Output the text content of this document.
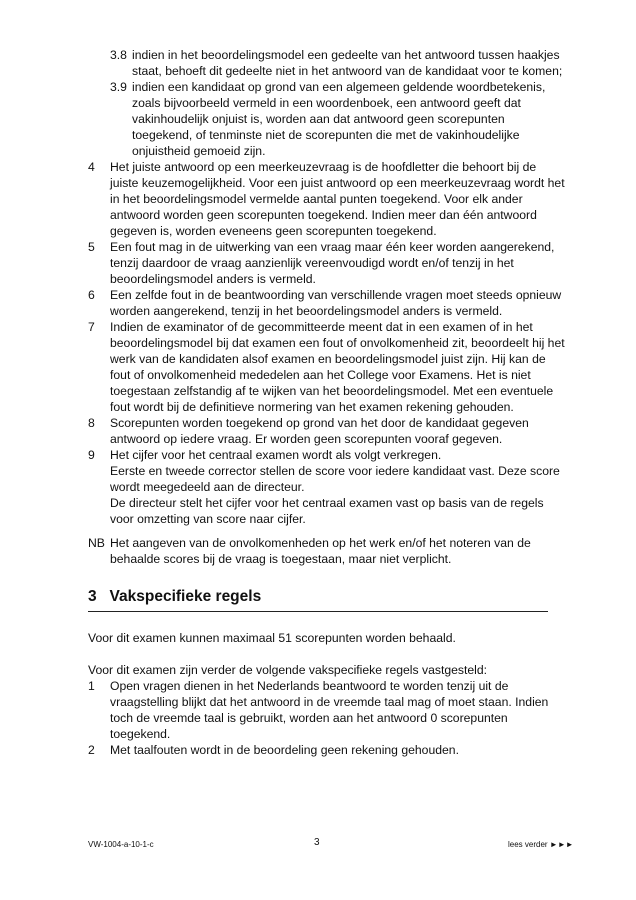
3.8 indien in het beoordelingsmodel een gedeelte van het antwoord tussen haakjes
staat, behoeft dit gedeelte niet in het antwoord van de kandidaat voor te komen;
3.9 indien een kandidaat op grond van een algemeen geldende woordbetekenis,
zoals bijvoorbeeld vermeld in een woordenboek, een antwoord geeft dat
vakinhoudelijk onjuist is, worden aan dat antwoord geen scorepunten
toegekend, of tenminste niet de scorepunten die met de vakinhoudelijke
onjuistheid gemoeid zijn.
4 Het juiste antwoord op een meerkeuzevraag is de hoofdletter die behoort bij de
juiste keuzemogelijkheid. Voor een juist antwoord op een meerkeuzevraag wordt het
in het beoordelingsmodel vermelde aantal punten toegekend. Voor elk ander
antwoord worden geen scorepunten toegekend. Indien meer dan één antwoord
gegeven is, worden eveneens geen scorepunten toegekend.
5 Een fout mag in de uitwerking van een vraag maar één keer worden aangerekend,
tenzij daardoor de vraag aanzienlijk vereenvoudigd wordt en/of tenzij in het
beoordelingsmodel anders is vermeld.
6 Een zelfde fout in de beantwoording van verschillende vragen moet steeds opnieuw
worden aangerekend, tenzij in het beoordelingsmodel anders is vermeld.
7 Indien de examinator of de gecommitteerde meent dat in een examen of in het
beoordelingsmodel bij dat examen een fout of onvolkomenheid zit, beoordeelt hij het
werk van de kandidaten alsof examen en beoordelingsmodel juist zijn. Hij kan de
fout of onvolkomenheid mededelen aan het College voor Examens. Het is niet
toegestaan zelfstandig af te wijken van het beoordelingsmodel. Met een eventuele
fout wordt bij de definitieve normering van het examen rekening gehouden.
8 Scorepunten worden toegekend op grond van het door de kandidaat gegeven
antwoord op iedere vraag. Er worden geen scorepunten vooraf gegeven.
9 Het cijfer voor het centraal examen wordt als volgt verkregen.
Eerste en tweede corrector stellen de score voor iedere kandidaat vast. Deze score
wordt meegedeeld aan de directeur.
De directeur stelt het cijfer voor het centraal examen vast op basis van de regels
voor omzetting van score naar cijfer.
NB Het aangeven van de onvolkomenheden op het werk en/of het noteren van de
behaalde scores bij de vraag is toegestaan, maar niet verplicht.
3   Vakspecifieke regels
Voor dit examen kunnen maximaal 51 scorepunten worden behaald.
Voor dit examen zijn verder de volgende vakspecifieke regels vastgesteld:
1 Open vragen dienen in het Nederlands beantwoord te worden tenzij uit de
vraagstelling blijkt dat het antwoord in de vreemde taal mag of moet staan. Indien
toch de vreemde taal is gebruikt, worden aan het antwoord 0 scorepunten
toegekend.
2 Met taalfouten wordt in de beoordeling geen rekening gehouden.
VW-1004-a-10-1-c	3	lees verder ►►►
